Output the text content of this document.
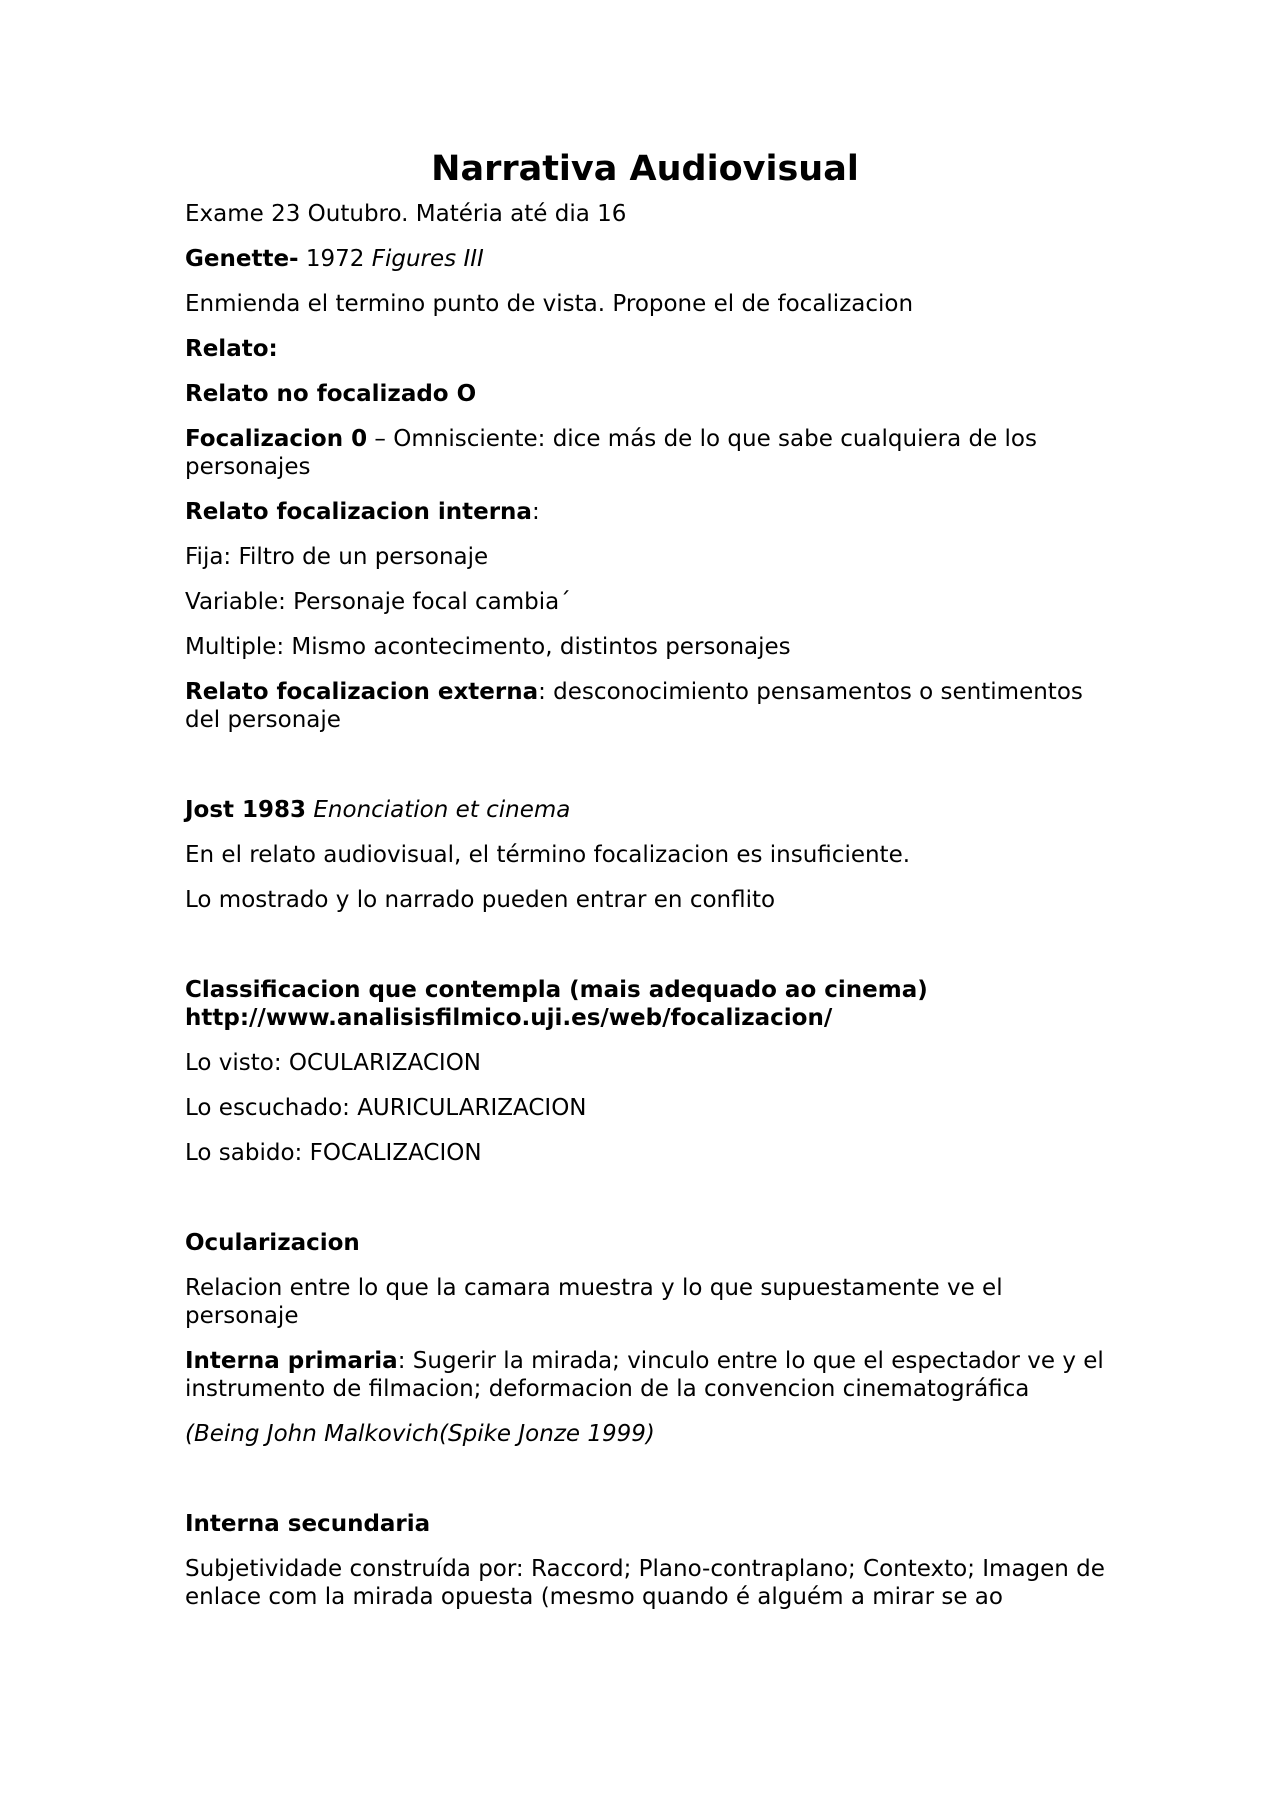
Narrativa Audiovisual

Exame 23 Outubro. Matéria até dia 16

Genette- 1972 Figures III

Enmienda el termino punto de vista. Propone el de focalizacion

Relato:

Relato no focalizado O

Focalizacion 0 – Omnisciente: dice más de lo que sabe cualquiera de los personajes

Relato focalizacion interna:

Fija: Filtro de un personaje

Variable: Personaje focal cambia´

Multiple: Mismo acontecimento, distintos personajes

Relato focalizacion externa: desconocimiento pensamentos o sentimentos del personaje

Jost 1983 Enonciation et cinema

En el relato audiovisual, el término focalizacion es insuficiente.

Lo mostrado y lo narrado pueden entrar en conflito

Classificacion que contempla (mais adequado ao cinema)
http://www.analisisfilmico.uji.es/web/focalizacion/

Lo visto: OCULARIZACION

Lo escuchado: AURICULARIZACION

Lo sabido: FOCALIZACION

Ocularizacion

Relacion entre lo que la camara muestra y lo que supuestamente ve el personaje

Interna primaria: Sugerir la mirada; vinculo entre lo que el espectador ve y el instrumento de filmacion; deformacion de la convencion cinematográfica

(Being John Malkovich(Spike Jonze 1999)

Interna secundaria

Subjetividade construída por: Raccord; Plano-contraplano; Contexto; Imagen de enlace com la mirada opuesta (mesmo quando é alguém a mirar se ao
